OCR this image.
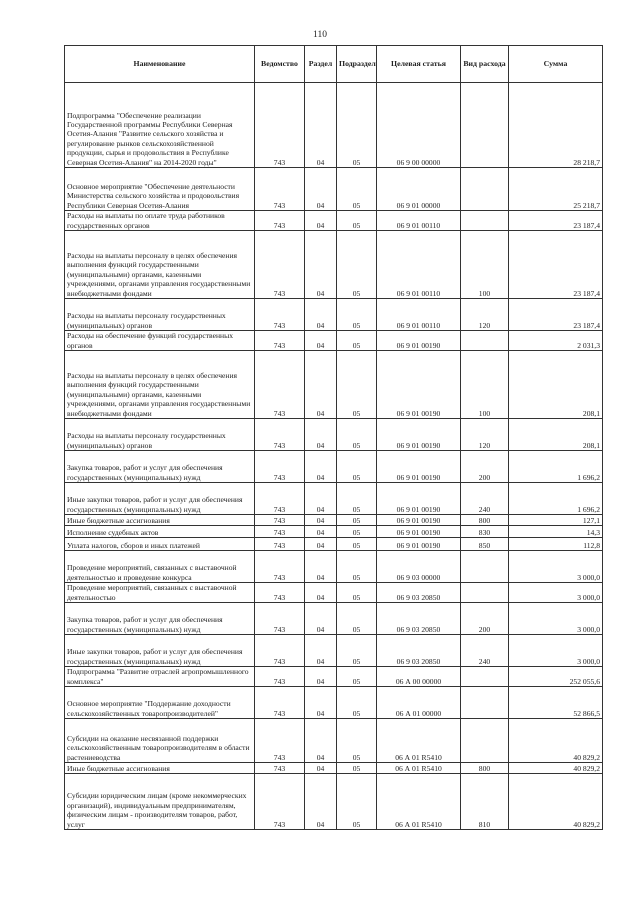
110
Наименование	Ведомство	Раздел	Подраздел	Целевая статья	Вид расхода	Сумма
Подпрограмма "Обеспечение реализации Государственной программы Республики Северная Осетия-Алания "Развитие сельского хозяйства и регулирование рынков сельскохозяйственной продукции, сырья и продовольствия в Республике Северная Осетия-Алания" на 2014-2020 годы"	743	04	05	06 9 00 00000		28 218,7
Основное мероприятие "Обеспечение деятельности Министерства сельского хозяйства и продовольствия Республики Северная Осетия-Алания	743	04	05	06 9 01 00000		25 218,7
Расходы на выплаты по оплате труда работников государственных органов	743	04	05	06 9 01 00110		23 187,4
Расходы на выплаты персоналу в целях обеспечения выполнения функций государственными (муниципальными) органами, казенными учреждениями, органами управления государственными внебюджетными фондами	743	04	05	06 9 01 00110	100	23 187,4
Расходы на выплаты персоналу государственных (муниципальных) органов	743	04	05	06 9 01 00110	120	23 187,4
Расходы на обеспечение функций государственных органов	743	04	05	06 9 01 00190		2 031,3
Расходы на выплаты персоналу в целях обеспечения выполнения функций государственными (муниципальными) органами, казенными учреждениями, органами управления государственными внебюджетными фондами	743	04	05	06 9 01 00190	100	208,1
Расходы на выплаты персоналу государственных (муниципальных) органов	743	04	05	06 9 01 00190	120	208,1
Закупка товаров, работ и услуг для обеспечения государственных (муниципальных) нужд	743	04	05	06 9 01 00190	200	1 696,2
Иные закупки товаров, работ и услуг для обеспечения государственных (муниципальных) нужд	743	04	05	06 9 01 00190	240	1 696,2
Иные бюджетные ассигнования	743	04	05	06 9 01 00190	800	127,1
Исполнение судебных актов	743	04	05	06 9 01 00190	830	14,3
Уплата налогов, сборов и иных платежей	743	04	05	06 9 01 00190	850	112,8
Проведение мероприятий, связанных с выставочной деятельностью и проведение конкурса	743	04	05	06 9 03 00000		3 000,0
Проведение мероприятий, связанных с выставочной деятельностью	743	04	05	06 9 03 20850		3 000,0
Закупка товаров, работ и услуг для обеспечения государственных (муниципальных) нужд	743	04	05	06 9 03 20850	200	3 000,0
Иные закупки товаров, работ и услуг для обеспечения государственных (муниципальных) нужд	743	04	05	06 9 03 20850	240	3 000,0
Подпрограмма "Развитие отраслей агропромышленного комплекса"	743	04	05	06 А 00 00000		252 055,6
Основное мероприятие "Поддержание доходности сельскохозяйственных товаропроизводителей"	743	04	05	06 А 01 00000		52 866,5
Субсидии на оказание несвязанной поддержки сельскохозяйственным товаропроизводителям в области растениеводства	743	04	05	06 А 01 R5410		40 829,2
Иные бюджетные ассигнования	743	04	05	06 А 01 R5410	800	40 829,2
Субсидии юридическим лицам (кроме некоммерческих организаций), индивидуальным предпринимателям, физическим лицам - производителям товаров, работ, услуг	743	04	05	06 А 01 R5410	810	40 829,2
